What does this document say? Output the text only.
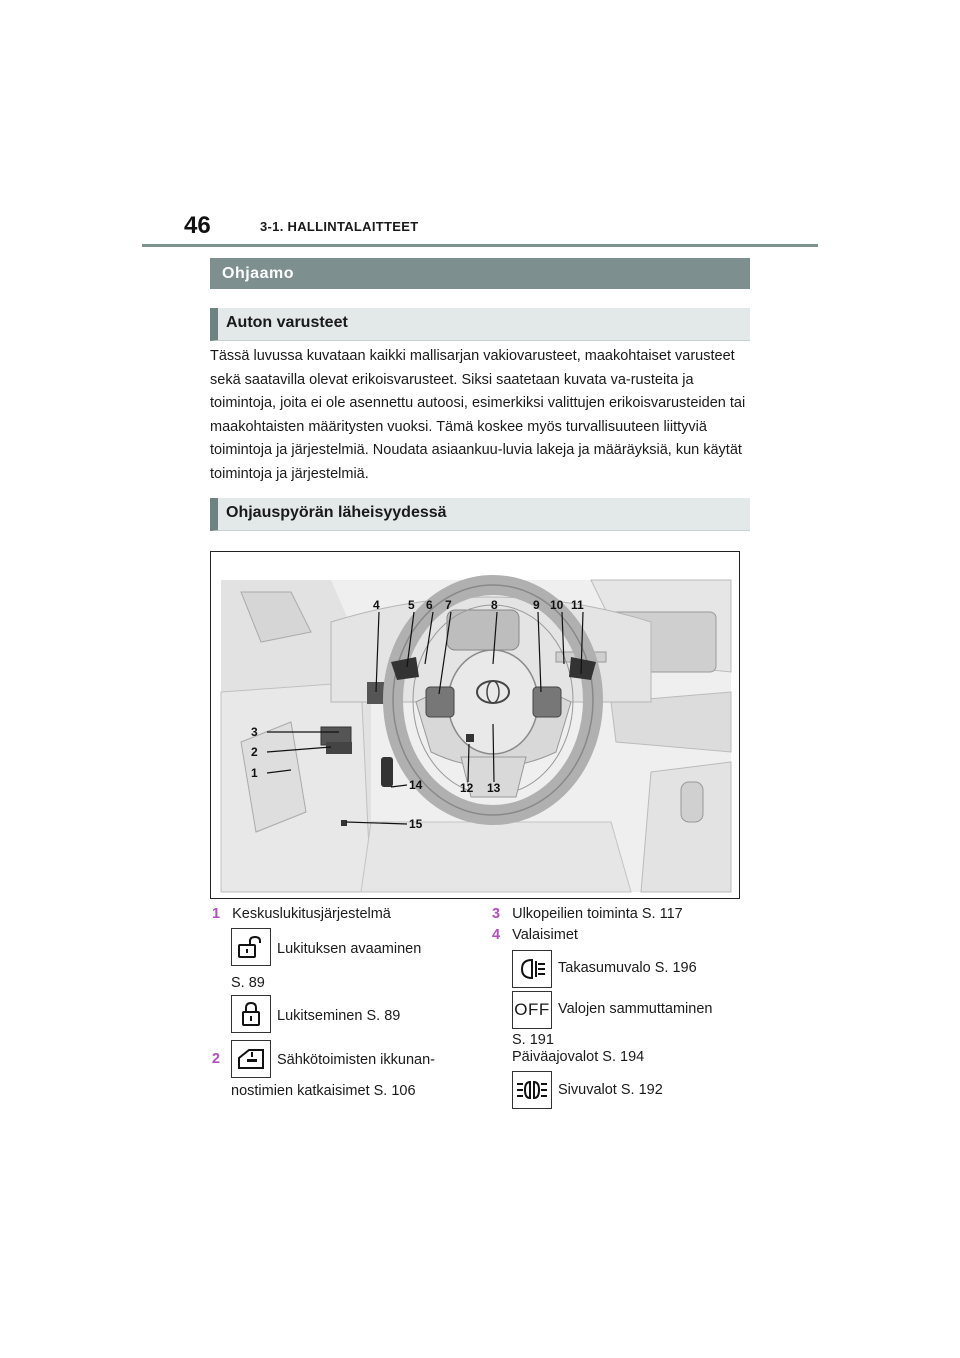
46	3-1. HALLINTALAITTEET
Ohjaamo
Auton varusteet
Tässä luvussa kuvataan kaikki mallisarjan vakiovarusteet, maakohtaiset varusteet sekä saatavilla olevat erikoisvarusteet. Siksi saatetaan kuvata va-rusteita ja toimintoja, joita ei ole asennettu autoosi, esimerkiksi valittujen erikoisvarusteiden tai maakohtaisten määritysten vuoksi. Tämä koskee myös turvallisuuteen liittyviä toimintoja ja järjestelmiä. Noudata asiaankuu-luvia lakeja ja määräyksiä, kun käytät toimintoja ja järjestelmiä.
Ohjauspyörän läheisyydessä
4 5 6 7	8	9 10 11
3
2
1
14
15
12 13
1 Keskuslukitusjärjestelmä
Lukituksen avaaminen
S. 89
Lukitseminen S. 89
2	Sähkötoimisten ikkunan-
nostimien katkaisimet S. 106
3 Ulkopeilien toiminta S. 117
4 Valaisimet
Takasumuvalo S. 196
OFF Valojen sammuttaminen
S. 191
Päiväajovalot S. 194
Sivuvalot S. 192
